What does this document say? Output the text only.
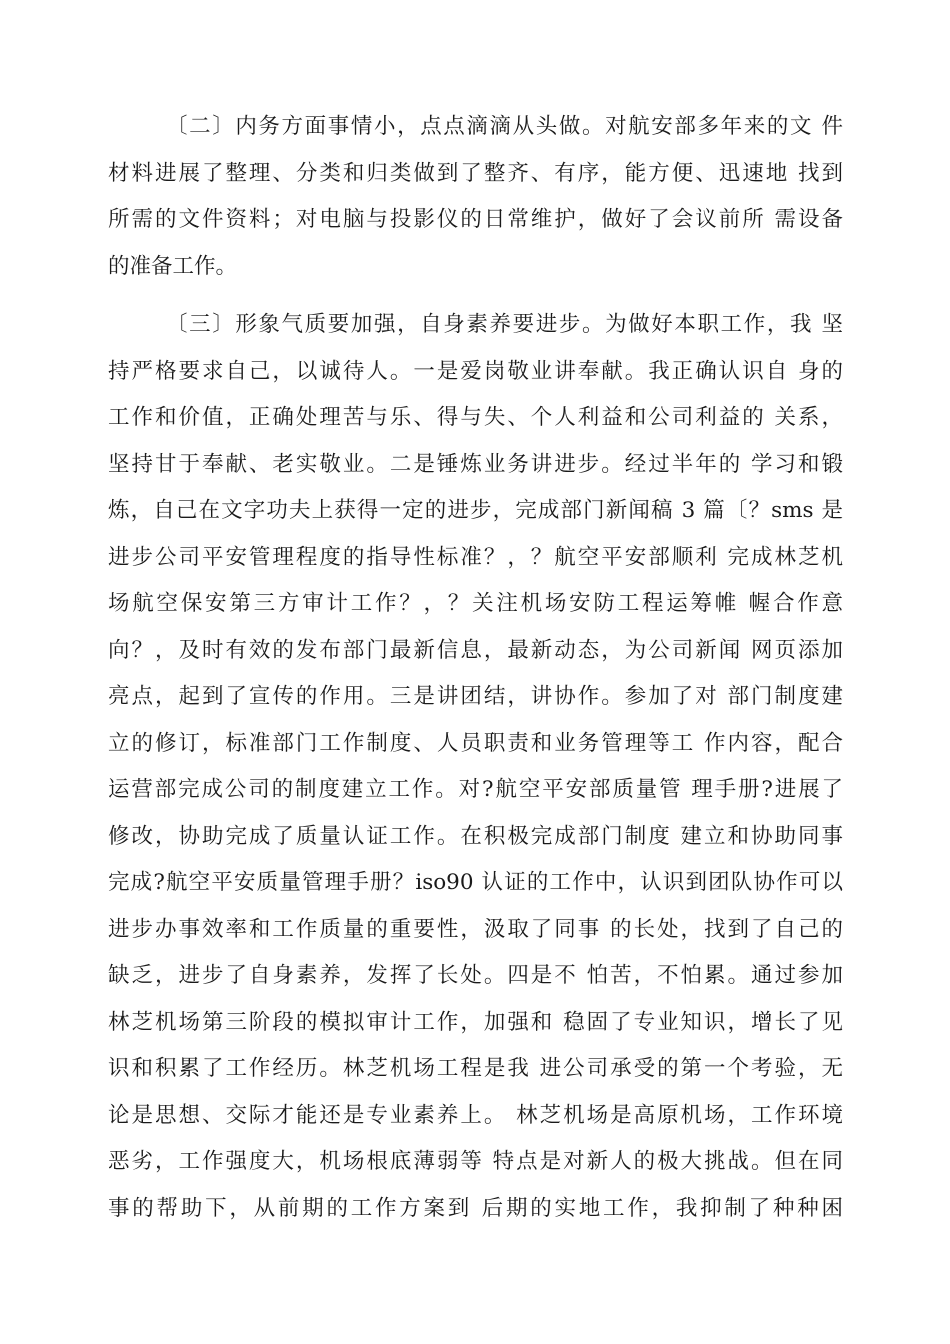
〔二〕内务方面事情小，点点滴滴从头做。对航安部多年来的文 件
材料进展了整理、分类和归类做到了整齐、有序，能方便、迅速地 找到
所需的文件资料；对电脑与投影仪的日常维护，做好了会议前所 需设备
的准备工作。
〔三〕形象气质要加强，自身素养要进步。为做好本职工作，我 坚
持严格要求自己，以诚待人。一是爱岗敬业讲奉献。我正确认识自 身的
工作和价值，正确处理苦与乐、得与失、个人利益和公司利益的 关系，
坚持甘于奉献、老实敬业。二是锤炼业务讲进步。经过半年的 学习和锻
炼，自己在文字功夫上获得一定的进步，完成部门新闻稿 3 篇〔？sms 是
进步公司平安管理程度的指导性标准？，？航空平安部顺利 完成林芝机
场航空保安第三方审计工作？，？关注机场安防工程运筹帷 幄合作意
向？，及时有效的发布部门最新信息，最新动态，为公司新闻 网页添加
亮点，起到了宣传的作用。三是讲团结，讲协作。参加了对 部门制度建
立的修订，标准部门工作制度、人员职责和业务管理等工 作内容，配合
运营部完成公司的制度建立工作。对?航空平安部质量管 理手册?进展了
修改，协助完成了质量认证工作。在积极完成部门制度 建立和协助同事
完成?航空平安质量管理手册？iso90 认证的工作中，认识到团队协作可以
进步办事效率和工作质量的重要性，汲取了同事 的长处，找到了自己的
缺乏，进步了自身素养，发挥了长处。四是不 怕苦，不怕累。通过参加
林芝机场第三阶段的模拟审计工作，加强和 稳固了专业知识，增长了见
识和积累了工作经历。林芝机场工程是我 进公司承受的第一个考验，无
论是思想、交际才能还是专业素养上。 林芝机场是高原机场，工作环境
恶劣，工作强度大，机场根底薄弱等 特点是对新人的极大挑战。但在同
事的帮助下，从前期的工作方案到 后期的实地工作，我抑制了种种困
